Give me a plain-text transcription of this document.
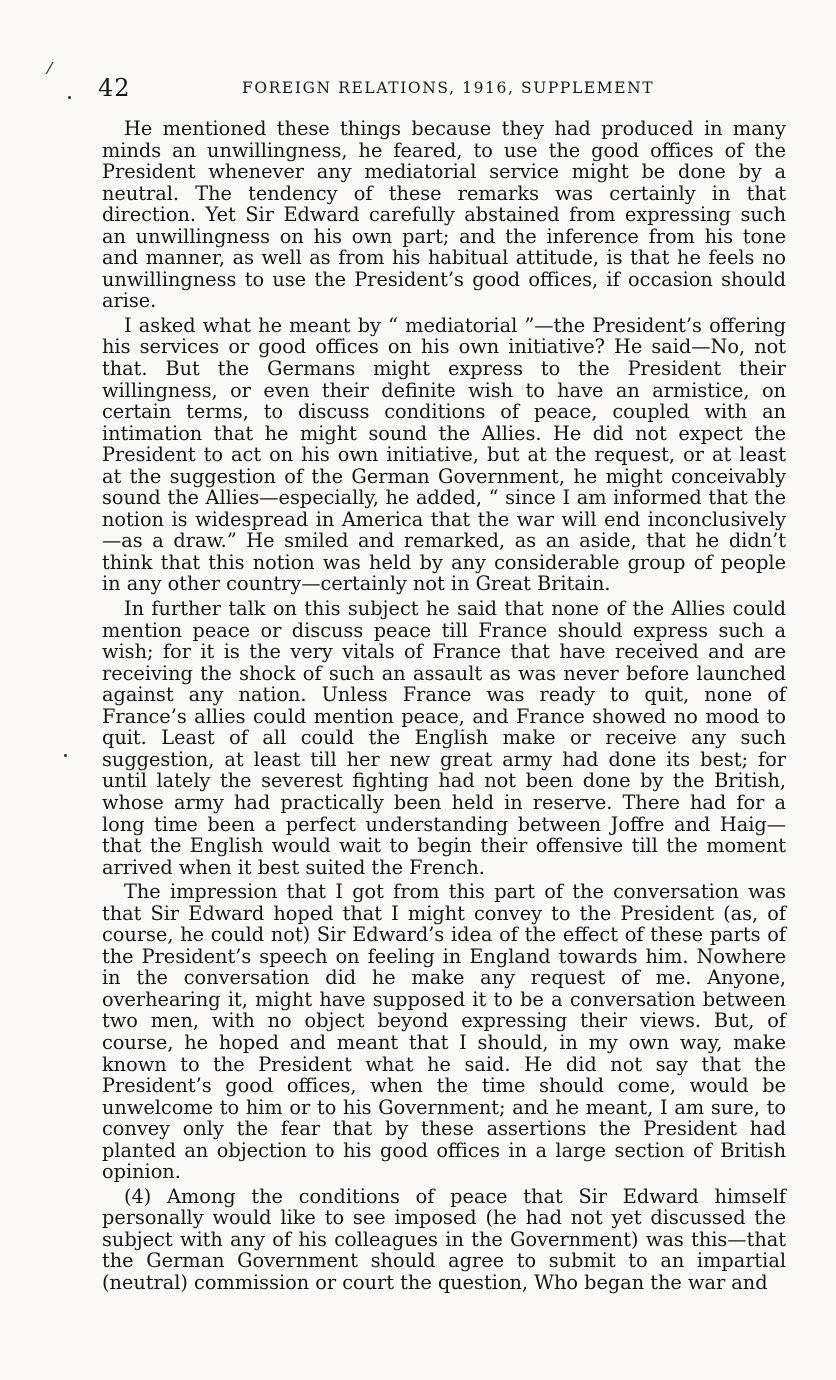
/
42	FOREIGN RELATIONS, 1916, SUPPLEMENT

He mentioned these things because they had produced in many minds an unwillingness, he feared, to use the good offices of the President whenever any mediatorial service might be done by a neutral. The tendency of these remarks was certainly in that direction. Yet Sir Edward carefully abstained from expressing such an unwillingness on his own part; and the inference from his tone and manner, as well as from his habitual attitude, is that he feels no unwillingness to use the President’s good offices, if occasion should arise.

I asked what he meant by “ mediatorial ”—the President’s offering his services or good offices on his own initiative? He said—No, not that. But the Germans might express to the President their willingness, or even their definite wish to have an armistice, on certain terms, to discuss conditions of peace, coupled with an intimation that he might sound the Allies. He did not expect the President to act on his own initiative, but at the request, or at least at the suggestion of the German Government, he might conceivably sound the Allies—especially, he added, “ since I am informed that the notion is widespread in America that the war will end inconclusively—as a draw.” He smiled and remarked, as an aside, that he didn’t think that this notion was held by any considerable group of people in any other country—certainly not in Great Britain.

In further talk on this subject he said that none of the Allies could mention peace or discuss peace till France should express such a wish; for it is the very vitals of France that have received and are receiving the shock of such an assault as was never before launched against any nation. Unless France was ready to quit, none of France’s allies could mention peace, and France showed no mood to quit. Least of all could the English make or receive any such suggestion, at least till her new great army had done its best; for until lately the severest fighting had not been done by the British, whose army had practically been held in reserve. There had for a long time been a perfect understanding between Joffre and Haig—that the English would wait to begin their offensive till the moment arrived when it best suited the French.

The impression that I got from this part of the conversation was that Sir Edward hoped that I might convey to the President (as, of course, he could not) Sir Edward’s idea of the effect of these parts of the President’s speech on feeling in England towards him. Nowhere in the conversation did he make any request of me. Anyone, overhearing it, might have supposed it to be a conversation between two men, with no object beyond expressing their views. But, of course, he hoped and meant that I should, in my own way, make known to the President what he said. He did not say that the President’s good offices, when the time should come, would be unwelcome to him or to his Government; and he meant, I am sure, to convey only the fear that by these assertions the President had planted an objection to his good offices in a large section of British opinion.

(4) Among the conditions of peace that Sir Edward himself personally would like to see imposed (he had not yet discussed the subject with any of his colleagues in the Government) was this—that the German Government should agree to submit to an impartial (neutral) commission or court the question, Who began the war and
